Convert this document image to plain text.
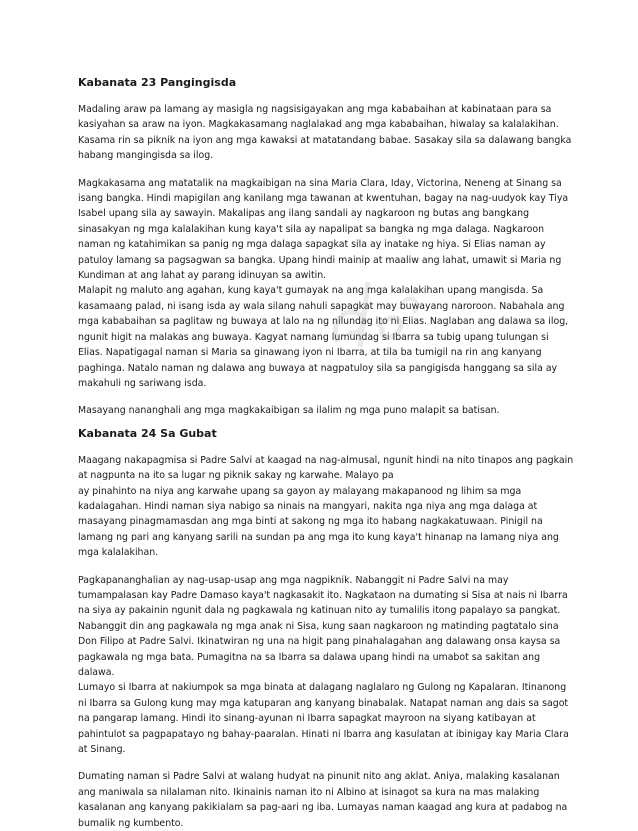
Kabanata 23 Pangingisda

Madaling araw pa lamang ay masigla ng nagsisigayakan ang mga kababaihan at kabinataan para sa
kasiyahan sa araw na iyon. Magkakasamang naglalakad ang mga kababaihan, hiwalay sa kalalakihan.
Kasama rin sa piknik na iyon ang mga kawaksi at matatandang babae. Sasakay sila sa dalawang bangka
habang mangingisda sa ilog.

Magkakasama ang matatalik na magkaibigan na sina Maria Clara, Iday, Victorina, Neneng at Sinang sa
isang bangka. Hindi mapigilan ang kanilang mga tawanan at kwentuhan, bagay na nag-uudyok kay Tiya
Isabel upang sila ay sawayin. Makalipas ang ilang sandali ay nagkaroon ng butas ang bangkang
sinasakyan ng mga kalalakihan kung kaya't sila ay napalipat sa bangka ng mga dalaga. Nagkaroon
naman ng katahimikan sa panig ng mga dalaga sapagkat sila ay inatake ng hiya. Si Elias naman ay
patuloy lamang sa pagsagwan sa bangka. Upang hindi mainip at maaliw ang lahat, umawit si Maria ng
Kundiman at ang lahat ay parang idinuyan sa awitin.
Malapit ng maluto ang agahan, kung kaya't gumayak na ang mga kalalakihan upang mangisda. Sa
kasamaang palad, ni isang isda ay wala silang nahuli sapagkat may buwayang naroroon. Nabahala ang
mga kababaihan sa paglitaw ng buwaya at lalo na ng nilundag ito ni Elias. Naglaban ang dalawa sa ilog,
ngunit higit na malakas ang buwaya. Kagyat namang lumundag si Ibarra sa tubig upang tulungan si
Elias. Napatigagal naman si Maria sa ginawang iyon ni Ibarra, at tila ba tumigil na rin ang kanyang
paghinga. Natalo naman ng dalawa ang buwaya at nagpatuloy sila sa pangigisda hanggang sa sila ay
makahuli ng sariwang isda.

Masayang nananghali ang mga magkakaibigan sa ilalim ng mga puno malapit sa batisan.

Kabanata 24 Sa Gubat

Maagang nakapagmisa si Padre Salvi at kaagad na nag-almusal, ngunit hindi na nito tinapos ang pagkain
at nagpunta na ito sa lugar ng piknik sakay ng karwahe. Malayo pa
ay pinahinto na niya ang karwahe upang sa gayon ay malayang makapanood ng lihim sa mga
kadalagahan. Hindi naman siya nabigo sa ninais na mangyari, nakita nga niya ang mga dalaga at
masayang pinagmamasdan ang mga binti at sakong ng mga ito habang nagkakatuwaan. Pinigil na
lamang ng pari ang kanyang sarili na sundan pa ang mga ito kung kaya't hinanap na lamang niya ang
mga kalalakihan.

Pagkapananghalian ay nag-usap-usap ang mga nagpiknik. Nabanggit ni Padre Salvi na may
tumampalasan kay Padre Damaso kaya't nagkasakit ito. Nagkataon na dumating si Sisa at nais ni Ibarra
na siya ay pakainin ngunit dala ng pagkawala ng katinuan nito ay tumalilis itong papalayo sa pangkat.
Nabanggit din ang pagkawala ng mga anak ni Sisa, kung saan nagkaroon ng matinding pagtatalo sina
Don Filipo at Padre Salvi. Ikinatwiran ng una na higit pang pinahalagahan ang dalawang onsa kaysa sa
pagkawala ng mga bata. Pumagitna na sa Ibarra sa dalawa upang hindi na umabot sa sakitan ang
dalawa.
Lumayo si Ibarra at nakiumpok sa mga binata at dalagang naglalaro ng Gulong ng Kapalaran. Itinanong
ni Ibarra sa Gulong kung may mga katuparan ang kanyang binabalak. Natapat naman ang dais sa sagot
na pangarap lamang. Hindi ito sinang-ayunan ni Ibarra sapagkat mayroon na siyang katibayan at
pahintulot sa pagpapatayo ng bahay-paaralan. Hinati ni Ibarra ang kasulatan at ibinigay kay Maria Clara
at Sinang.

Dumating naman si Padre Salvi at walang hudyat na pinunit nito ang aklat. Aniya, malaking kasalanan
ang maniwala sa nilalaman nito. Ikinainis naman ito ni Albino at isinagot sa kura na mas malaking
kasalanan ang kanyang pakikialam sa pag-aari ng iba. Lumayas naman kaagad ang kura at padabog na
bumalik ng kumbento.
